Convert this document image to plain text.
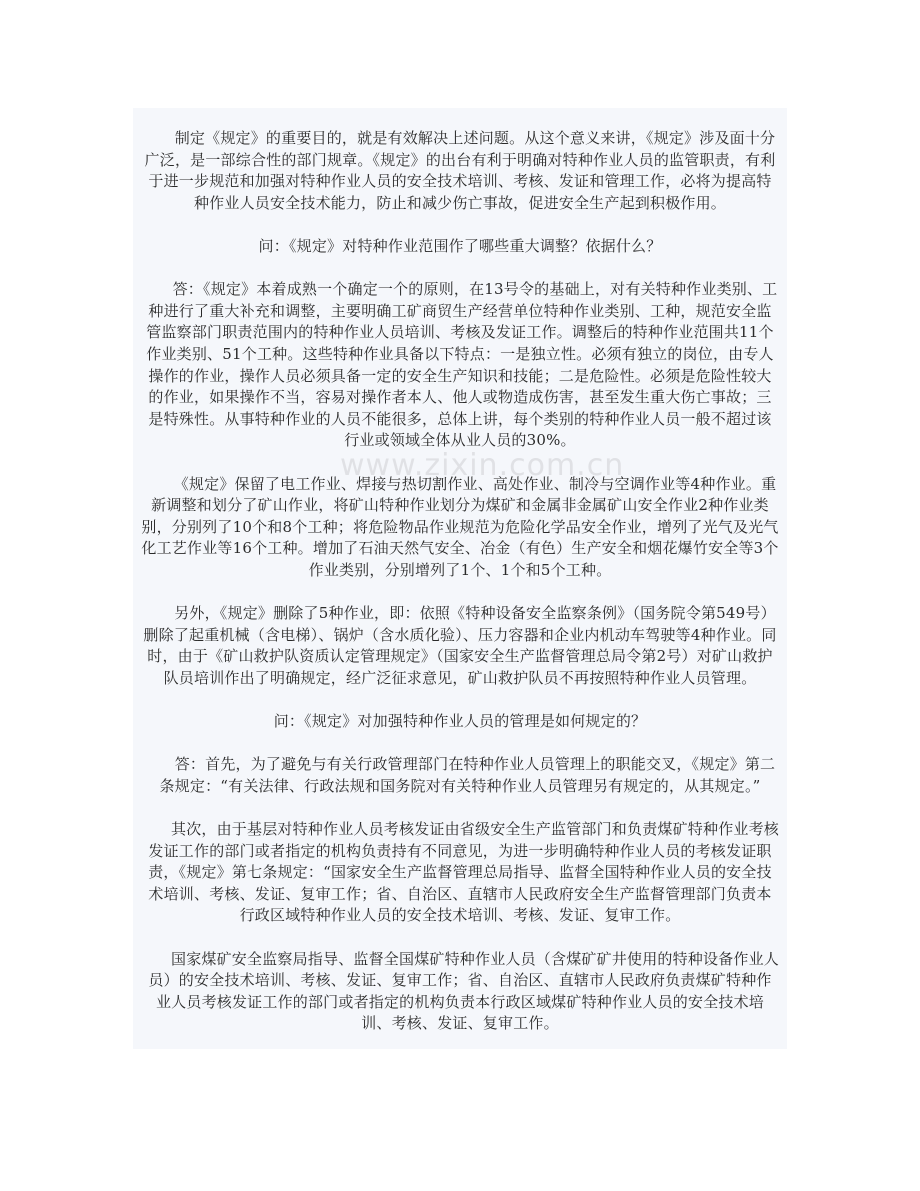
制定《规定》的重要目的，就是有效解决上述问题。从这个意义来讲，《规定》涉及面十分广泛，是一部综合性的部门规章。《规定》的出台有利于明确对特种作业人员的监管职责，有利于进一步规范和加强对特种作业人员的安全技术培训、考核、发证和管理工作，必将为提高特种作业人员安全技术能力，防止和减少伤亡事故，促进安全生产起到积极作用。

问：《规定》对特种作业范围作了哪些重大调整？依据什么？

答：《规定》本着成熟一个确定一个的原则，在13号令的基础上，对有关特种作业类别、工种进行了重大补充和调整，主要明确工矿商贸生产经营单位特种作业类别、工种，规范安全监管监察部门职责范围内的特种作业人员培训、考核及发证工作。调整后的特种作业范围共11个作业类别、51个工种。这些特种作业具备以下特点：一是独立性。必须有独立的岗位，由专人操作的作业，操作人员必须具备一定的安全生产知识和技能；二是危险性。必须是危险性较大的作业，如果操作不当，容易对操作者本人、他人或物造成伤害，甚至发生重大伤亡事故；三是特殊性。从事特种作业的人员不能很多，总体上讲，每个类别的特种作业人员一般不超过该行业或领域全体从业人员的30%。

《规定》保留了电工作业、焊接与热切割作业、高处作业、制冷与空调作业等4种作业。重新调整和划分了矿山作业，将矿山特种作业划分为煤矿和金属非金属矿山安全作业2种作业类别，分别列了10个和8个工种；将危险物品作业规范为危险化学品安全作业，增列了光气及光气化工艺作业等16个工种。增加了石油天然气安全、冶金（有色）生产安全和烟花爆竹安全等3个作业类别，分别增列了1个、1个和5个工种。

另外，《规定》删除了5种作业，即：依照《特种设备安全监察条例》（国务院令第549号）删除了起重机械（含电梯）、锅炉（含水质化验）、压力容器和企业内机动车驾驶等4种作业。同时，由于《矿山救护队资质认定管理规定》（国家安全生产监督管理总局令第2号）对矿山救护队员培训作出了明确规定，经广泛征求意见，矿山救护队员不再按照特种作业人员管理。

问：《规定》对加强特种作业人员的管理是如何规定的？

答：首先，为了避免与有关行政管理部门在特种作业人员管理上的职能交叉，《规定》第二条规定：“有关法律、行政法规和国务院对有关特种作业人员管理另有规定的，从其规定。”

其次，由于基层对特种作业人员考核发证由省级安全生产监管部门和负责煤矿特种作业考核发证工作的部门或者指定的机构负责持有不同意见，为进一步明确特种作业人员的考核发证职责，《规定》第七条规定：“国家安全生产监督管理总局指导、监督全国特种作业人员的安全技术培训、考核、发证、复审工作；省、自治区、直辖市人民政府安全生产监督管理部门负责本行政区域特种作业人员的安全技术培训、考核、发证、复审工作。

国家煤矿安全监察局指导、监督全国煤矿特种作业人员（含煤矿矿井使用的特种设备作业人员）的安全技术培训、考核、发证、复审工作；省、自治区、直辖市人民政府负责煤矿特种作业人员考核发证工作的部门或者指定的机构负责本行政区域煤矿特种作业人员的安全技术培训、考核、发证、复审工作。

www.zixin.com.cn
